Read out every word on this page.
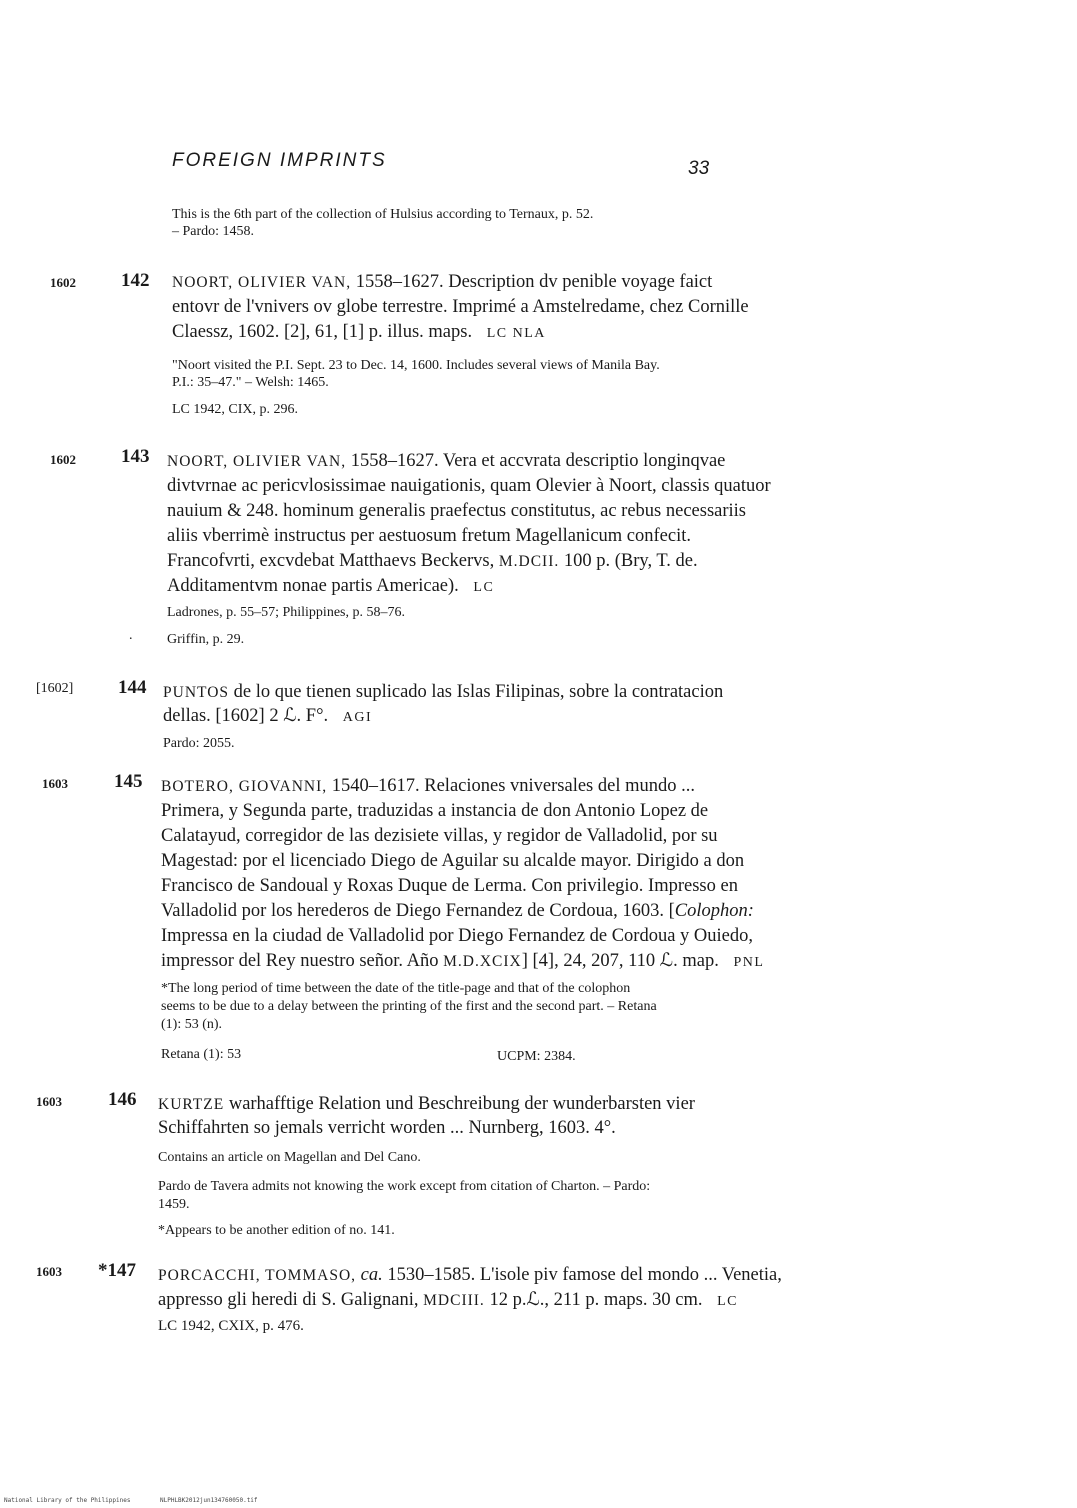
FOREIGN IMPRINTS	33
This is the 6th part of the collection of Hulsius according to Ternaux, p. 52.
– Pardo: 1458.
1602 142 NOORT, OLIVIER VAN, 1558–1627. Description dv penible voyage faict
entovr de l'vnivers ov globe terrestre. Imprimé a Amstelredame, chez Cornille
Claessz, 1602. [2], 61, [1] p. illus. maps. LC NLA
"Noort visited the P.I. Sept. 23 to Dec. 14, 1600. Includes several views of Manila Bay.
P.I.: 35–47." – Welsh: 1465.
LC 1942, CIX, p. 296.
1602 143 NOORT, OLIVIER VAN, 1558–1627. Vera et accvrata descriptio longinqvae
divtvrnae ac pericvlosissimae nauigationis, quam Olevier à Noort, classis quatuor
nauium & 248. hominum generalis praefectus constitutus, ac rebus necessariis
aliis vberrimè instructus per aestuosum fretum Magellanicum confecit.
Francofvrti, excvdebat Matthaevs Beckervs, M.DCII. 100 p. (Bry, T. de.
Additamentvm nonae partis Americae). LC
Ladrones, p. 55–57; Philippines, p. 58–76.
. Griffin, p. 29.
[1602] 144 PUNTOS de lo que tienen suplicado las Islas Filipinas, sobre la contratacion
dellas. [1602] 2 ℒ. F°. AGI
Pardo: 2055.
1603 145 BOTERO, GIOVANNI, 1540–1617. Relaciones vniversales del mundo ...
Primera, y Segunda parte, traduzidas a instancia de don Antonio Lopez de
Calatayud, corregidor de las dezisiete villas, y regidor de Valladolid, por su
Magestad: por el licenciado Diego de Aguilar su alcalde mayor. Dirigido a don
Francisco de Sandoual y Roxas Duque de Lerma. Con privilegio. Impresso en
Valladolid por los herederos de Diego Fernandez de Cordoua, 1603. [Colophon:
Impressa en la ciudad de Valladolid por Diego Fernandez de Cordoua y Ouiedo,
impressor del Rey nuestro señor. Año M.D.XCIX] [4], 24, 207, 110 ℒ. map. PNL
*The long period of time between the date of the title-page and that of the colophon
seems to be due to a delay between the printing of the first and the second part. – Retana
(1): 53 (n).
Retana (1): 53	UCPM: 2384.
1603 146 KURTZE warhafftige Relation und Beschreibung der wunderbarsten vier
Schiffahrten so jemals verricht worden ... Nurnberg, 1603. 4°.
Contains an article on Magellan and Del Cano.
Pardo de Tavera admits not knowing the work except from citation of Charton. – Pardo:
1459.
*Appears to be another edition of no. 141.
1603 *147 PORCACCHI, TOMMASO, ca. 1530–1585. L'isole piv famose del mondo ... Venetia,
appresso gli heredi di S. Galignani, MDCIII. 12 p.ℒ., 211 p. maps. 30 cm. LC
LC 1942, CXIX, p. 476.
National Library of the Philippines	NLPHLBK2012jun134760050.tif
